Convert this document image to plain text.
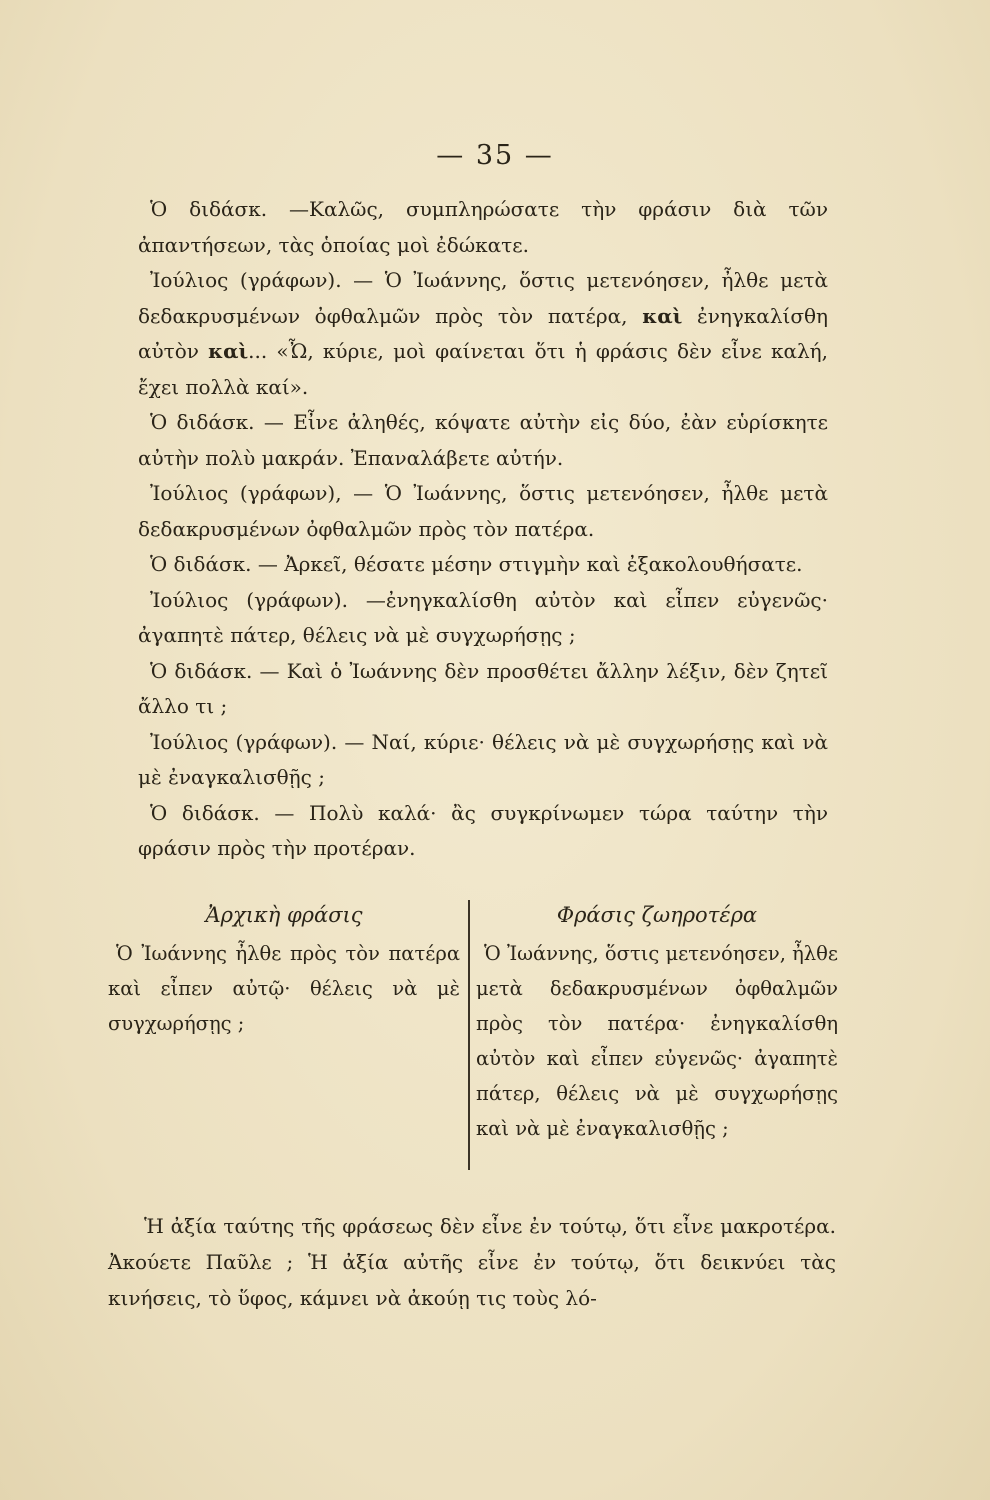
— 35 —

Ὁ διδάσκ. —Καλῶς, συμπληρώσατε τὴν φράσιν διὰ τῶν ἀπαντήσεων, τὰς ὁποίας μοὶ ἐδώκατε.

Ἰούλιος (γράφων). — Ὁ Ἰωάννης, ὅστις μετενόησεν, ἦλθε μετὰ δεδακρυσμένων ὀφθαλμῶν πρὸς τὸν πατέρα, καὶ ἐνηγκαλίσθη αὐτὸν καὶ... «Ὦ, κύριε, μοὶ φαίνεται ὅτι ἡ φράσις δὲν εἶνε καλή, ἔχει πολλὰ καί».

Ὁ διδάσκ. — Εἶνε ἀληθές, κόψατε αὐτὴν εἰς δύο, ἐὰν εὑρίσκητε αὐτὴν πολὺ μακράν. Ἐπαναλάβετε αὐτήν.

Ἰούλιος (γράφων), — Ὁ Ἰωάννης, ὅστις μετενόησεν, ἦλθε μετὰ δεδακρυσμένων ὀφθαλμῶν πρὸς τὸν πατέρα.

Ὁ διδάσκ. — Ἀρκεῖ, θέσατε μέσην στιγμὴν καὶ ἐξακολουθήσατε.

Ἰούλιος (γράφων). —ἐνηγκαλίσθη αὐτὸν καὶ εἶπεν εὐγενῶς· ἀγαπητὲ πάτερ, θέλεις νὰ μὲ συγχωρήσῃς ;

Ὁ διδάσκ. — Καὶ ὁ Ἰωάννης δὲν προσθέτει ἄλλην λέξιν, δὲν ζητεῖ ἄλλο τι ;

Ἰούλιος (γράφων). — Ναί, κύριε· θέλεις νὰ μὲ συγχωρήσῃς καὶ νὰ μὲ ἐναγκαλισθῇς ;

Ὁ διδάσκ. — Πολὺ καλά· ἂς συγκρίνωμεν τώρα ταύτην τὴν φράσιν πρὸς τὴν προτέραν.

Ἀρχικὴ φράσις

Ὁ Ἰωάννης ἦλθε πρὸς τὸν πατέρα καὶ εἶπεν αὐτῷ· θέλεις νὰ μὲ συγχωρήσῃς ;

Φράσις ζωηροτέρα

Ὁ Ἰωάννης, ὅστις μετενόησεν, ἦλθε μετὰ δεδακρυσμένων ὀφθαλμῶν πρὸς τὸν πατέρα· ἐνηγκαλίσθη αὐτὸν καὶ εἶπεν εὐγενῶς· ἀγαπητὲ πάτερ, θέλεις νὰ μὲ συγχωρήσῃς καὶ νὰ μὲ ἐναγκαλισθῇς ;

Ἡ ἀξία ταύτης τῆς φράσεως δὲν εἶνε ἐν τούτῳ, ὅτι εἶνε μακροτέρα. Ἀκούετε Παῦλε ; Ἡ ἀξία αὐτῆς εἶνε ἐν τούτῳ, ὅτι δεικνύει τὰς κινήσεις, τὸ ὕφος, κάμνει νὰ ἀκούῃ τις τοὺς λό-
